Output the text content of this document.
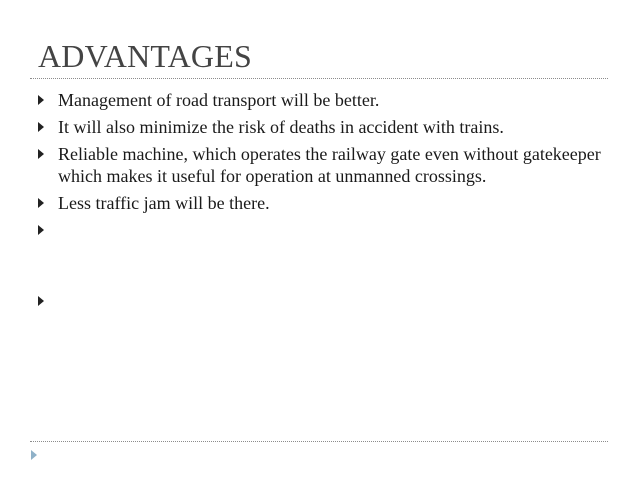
ADVANTAGES
Management of road transport will be better.
It will also minimize the risk of deaths in accident with trains.
Reliable machine, which operates the railway gate even without gatekeeper which makes it useful for operation at unmanned crossings.
Less traffic jam will be there.
